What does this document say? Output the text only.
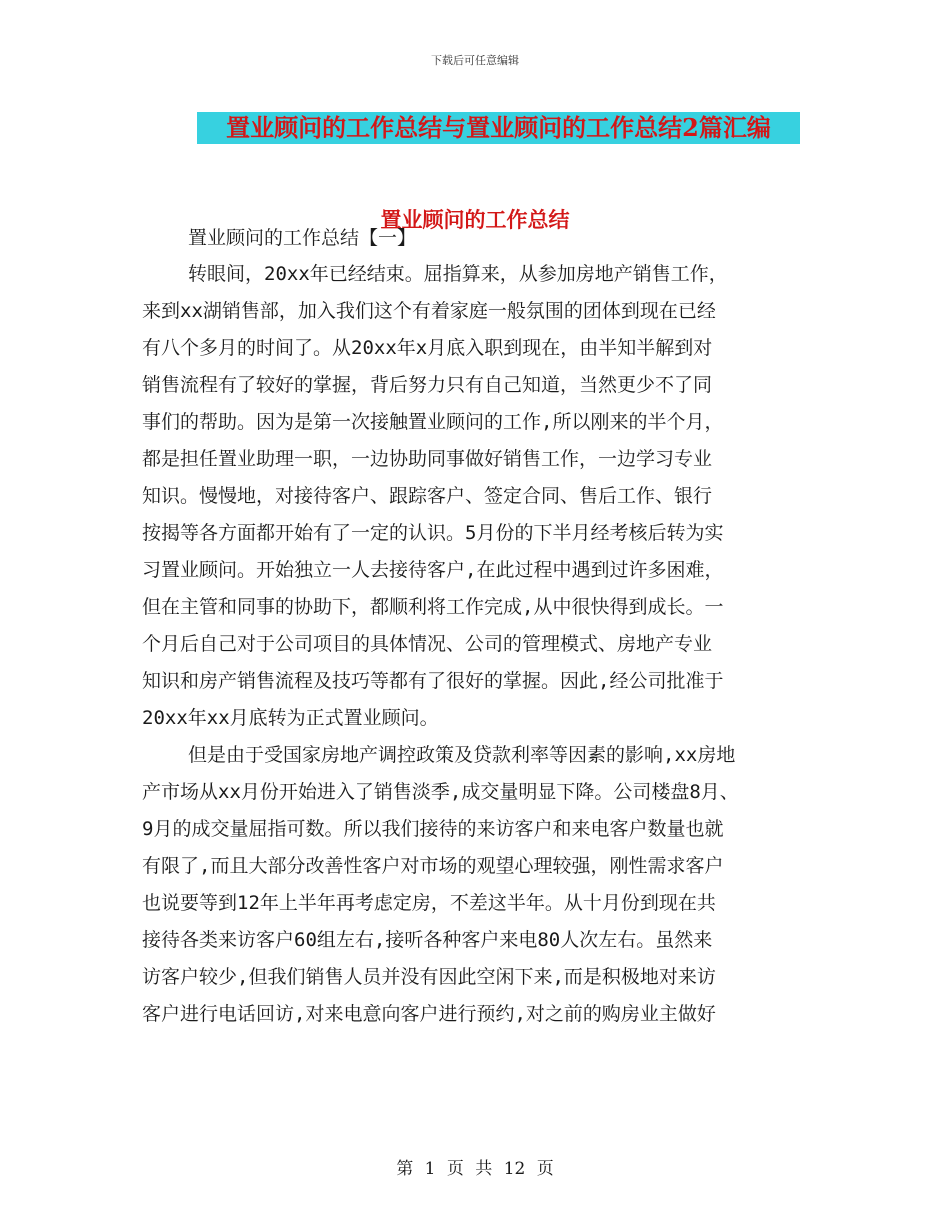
下载后可任意编辑
置业顾问的工作总结与置业顾问的工作总结2篇汇编
置业顾问的工作总结
置业顾问的工作总结【一】
转眼间，20xx年已经结束。屈指算来，从参加房地产销售工作，
来到xx湖销售部，加入我们这个有着家庭一般氛围的团体到现在已经
有八个多月的时间了。从20xx年x月底入职到现在，由半知半解到对
销售流程有了较好的掌握，背后努力只有自己知道，当然更少不了同
事们的帮助。因为是第一次接触置业顾问的工作,所以刚来的半个月，
都是担任置业助理一职，一边协助同事做好销售工作，一边学习专业
知识。慢慢地，对接待客户、跟踪客户、签定合同、售后工作、银行
按揭等各方面都开始有了一定的认识。5月份的下半月经考核后转为实
习置业顾问。开始独立一人去接待客户,在此过程中遇到过许多困难，
但在主管和同事的协助下，都顺利将工作完成,从中很快得到成长。一
个月后自己对于公司项目的具体情况、公司的管理模式、房地产专业
知识和房产销售流程及技巧等都有了很好的掌握。因此,经公司批准于
20xx年xx月底转为正式置业顾问。
但是由于受国家房地产调控政策及贷款利率等因素的影响,xx房地
产市场从xx月份开始进入了销售淡季,成交量明显下降。公司楼盘8月、
9月的成交量屈指可数。所以我们接待的来访客户和来电客户数量也就
有限了,而且大部分改善性客户对市场的观望心理较强，刚性需求客户
也说要等到12年上半年再考虑定房，不差这半年。从十月份到现在共
接待各类来访客户60组左右,接听各种客户来电80人次左右。虽然来
访客户较少,但我们销售人员并没有因此空闲下来,而是积极地对来访
客户进行电话回访,对来电意向客户进行预约,对之前的购房业主做好
第 1 页 共 12 页
